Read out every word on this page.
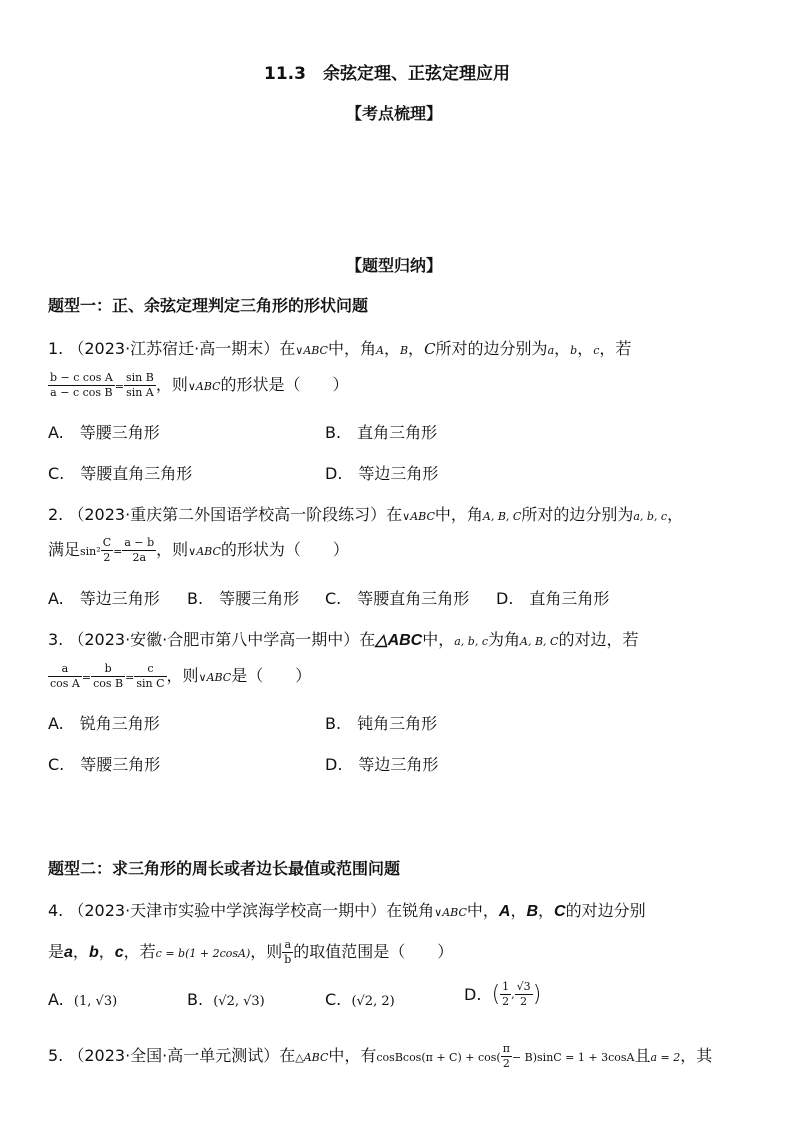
11.3　余弦定理、正弦定理应用
【考点梳理】
【题型归纳】
题型一：正、余弦定理判定三角形的形状问题
1. （2023·江苏宿迁·高一期末）在∨ABC中，角A，B，C所对的边分别为a，b，c，若
$\frac{\text{b − c cos A}}{\text{a − c cos B}} = \frac{\text{sin B}}{\text{sin A}}$ ，则∨ABC的形状是（　　）
A.　等腰三角形	B.　直角三角形
C.　等腰直角三角形	D.　等边三角形
2. （2023·重庆第二外国语学校高一阶段练习）在∨ABC中，角A, B, C所对的边分别为a, b, c，
满足$\sin^2 \frac{C}{2} = \frac{a - b}{2a}$ ，则∨ABC的形状为（　　）
A.　等边三角形 B.　等腰三角形 C.　等腰直角三角形 D.　直角三角形
3. （2023·安徽·合肥市第八中学高一期中）在△ABC中，a, b, c为角A, B, C的对边，若
$\frac{a}{\text{cos A}} = \frac{b}{\text{cos B}} = \frac{c}{\text{sin C}}$ ，则∨ABC是（　　）
A.　锐角三角形	B.　钝角三角形
C.　等腰三角形	D.　等边三角形
题型二：求三角形的周长或者边长最值或范围问题
4. （2023·天津市实验中学滨海学校高一期中）在锐角∨ABC中，A，B，C的对边分别
是a，b，c，若c = b(1 + 2cosA)，则 $\frac{a}{b}$ 的取值范围是（　　）
A. (1, √3)	B. (√2, √3)	C. (√2, 2)	D. ( $\frac{1}{2}$ , $\frac{√3}{2}$ )
5. （2023·全国·高一单元测试）在△ABC中，有cosBcos(π + $C) + \cos( \frac{\pi}{2} - B)\sin C = 1 + 3\cos A$且a = 2，其
